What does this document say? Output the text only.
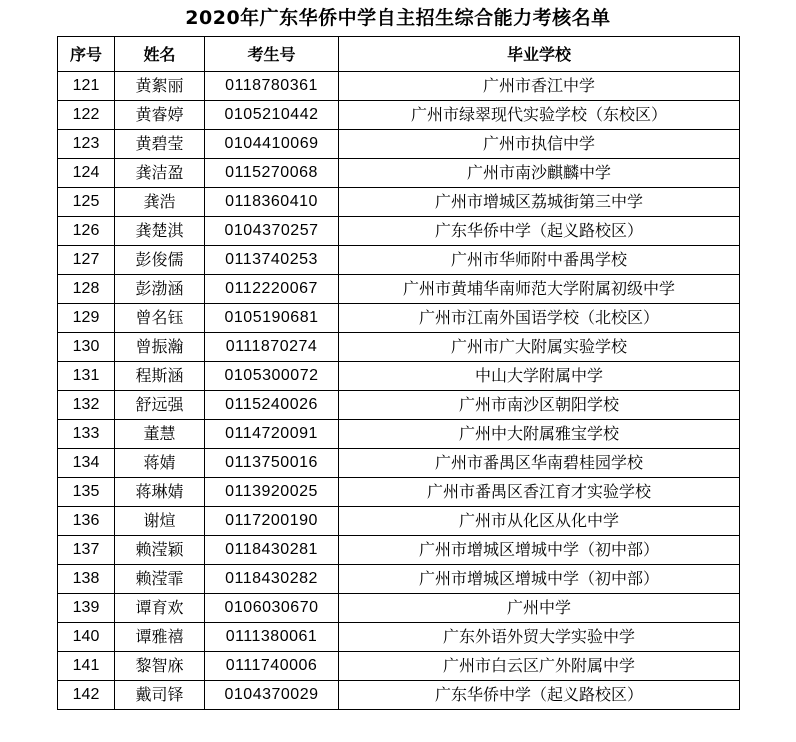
2020年广东华侨中学自主招生综合能力考核名单
序号	姓名	考生号	毕业学校
121	黄絮丽	0118780361	广州市香江中学
122	黄睿婷	0105210442	广州市绿翠现代实验学校（东校区）
123	黄碧莹	0104410069	广州市执信中学
124	龚洁盈	0115270068	广州市南沙麒麟中学
125	龚浩	0118360410	广州市增城区荔城街第三中学
126	龚楚淇	0104370257	广东华侨中学（起义路校区）
127	彭俊儒	0113740253	广州市华师附中番禺学校
128	彭渤涵	0112220067	广州市黄埔华南师范大学附属初级中学
129	曾名钰	0105190681	广州市江南外国语学校（北校区）
130	曾振瀚	0111870274	广州市广大附属实验学校
131	程斯涵	0105300072	中山大学附属中学
132	舒远强	0115240026	广州市南沙区朝阳学校
133	董慧	0114720091	广州中大附属雅宝学校
134	蒋婧	0113750016	广州市番禺区华南碧桂园学校
135	蒋琳婧	0113920025	广州市番禺区香江育才实验学校
136	谢煊	0117200190	广州市从化区从化中学
137	赖滢颖	0118430281	广州市增城区增城中学（初中部）
138	赖滢霏	0118430282	广州市增城区增城中学（初中部）
139	谭育欢	0106030670	广州中学
140	谭雅禧	0111380061	广东外语外贸大学实验中学
141	黎智庥	0111740006	广州市白云区广外附属中学
142	戴司铎	0104370029	广东华侨中学（起义路校区）
